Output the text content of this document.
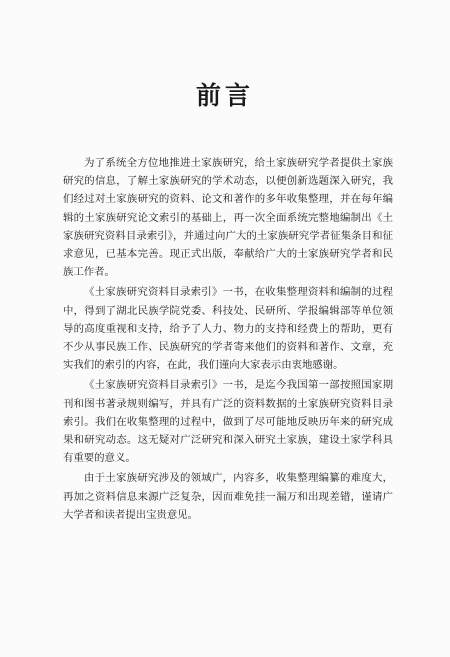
前言

为了系统全方位地推进土家族研究，给土家族研究学者提供土家族研究的信息，了解土家族研究的学术动态，以便创新选题深入研究，我们经过对土家族研究的资料、论文和著作的多年收集整理，并在每年编辑的土家族研究论文索引的基础上，再一次全面系统完整地编制出《土家族研究资料目录索引》，并通过向广大的土家族研究学者征集条目和征求意见，已基本完善。现正式出版，奉献给广大的土家族研究学者和民族工作者。

《土家族研究资料目录索引》一书，在收集整理资料和编制的过程中，得到了湖北民族学院党委、科技处、民研所、学报编辑部等单位领导的高度重视和支持，给予了人力、物力的支持和经费上的帮助，更有不少从事民族工作、民族研究的学者寄来他们的资料和著作、文章，充实我们的索引的内容，在此，我们谨向大家表示由衷地感谢。

《土家族研究资料目录索引》一书，是迄今我国第一部按照国家期刊和图书著录规则编写，并具有广泛的资料数据的土家族研究资料目录索引。我们在收集整理的过程中，做到了尽可能地反映历年来的研究成果和研究动态。这无疑对广泛研究和深入研究土家族，建设土家学科具有重要的意义。

由于土家族研究涉及的领域广，内容多，收集整理编纂的难度大，再加之资料信息来源广泛复杂，因而难免挂一漏万和出现差错，谨请广大学者和读者提出宝贵意见。
